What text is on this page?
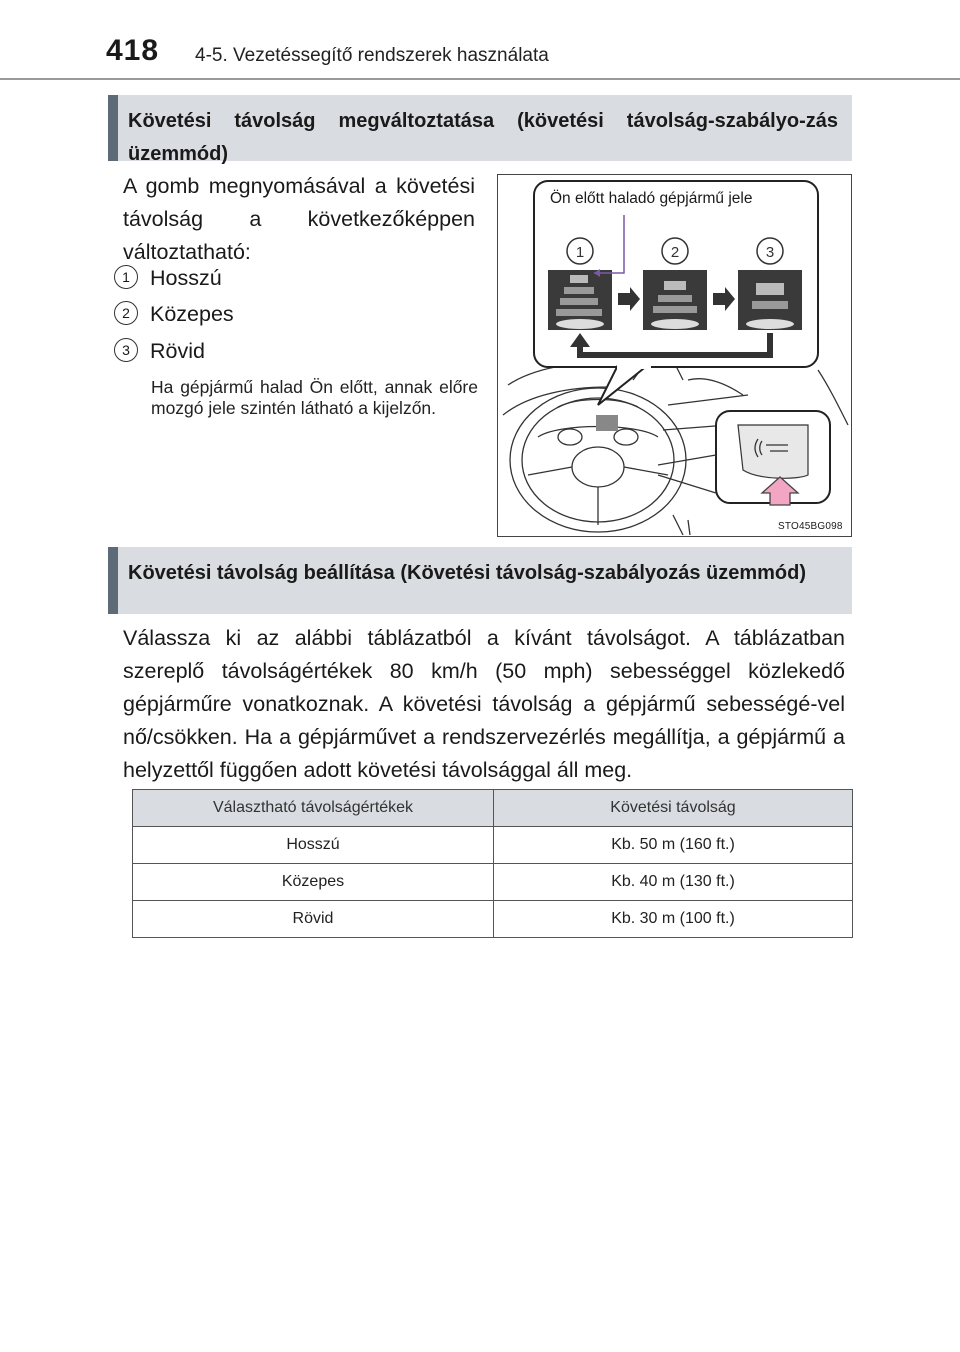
418 4-5. Vezetéssegítő rendszerek használata
Követési távolság megváltoztatása (követési távolság-szabályo-zás üzemmód)
A gomb megnyomásával a követési távolság a következőképpen változtatható:
1 Hosszú
2 Közepes
3 Rövid
Ha gépjármű halad Ön előtt, annak előre mozgó jele szintén látható a kijelzőn.
1	2	3
Ön előtt haladó gépjármű jele
STO45BG098
Követési távolság beállítása (Követési távolság-szabályozás üzemmód)
Válassza ki az alábbi táblázatból a kívánt távolságot. A táblázatban szereplő távolságértékek 80 km/h (50 mph) sebességgel közlekedő gépjárműre vonatkoznak. A követési távolság a gépjármű sebességé-vel nő/csökken. Ha a gépjárművet a rendszervezérlés megállítja, a gépjármű a helyzettől függően adott követési távolsággal áll meg.
Választható távolságértékek	Követési távolság
Hosszú	Kb. 50 m (160 ft.)
Közepes	Kb. 40 m (130 ft.)
Rövid	Kb. 30 m (100 ft.)
